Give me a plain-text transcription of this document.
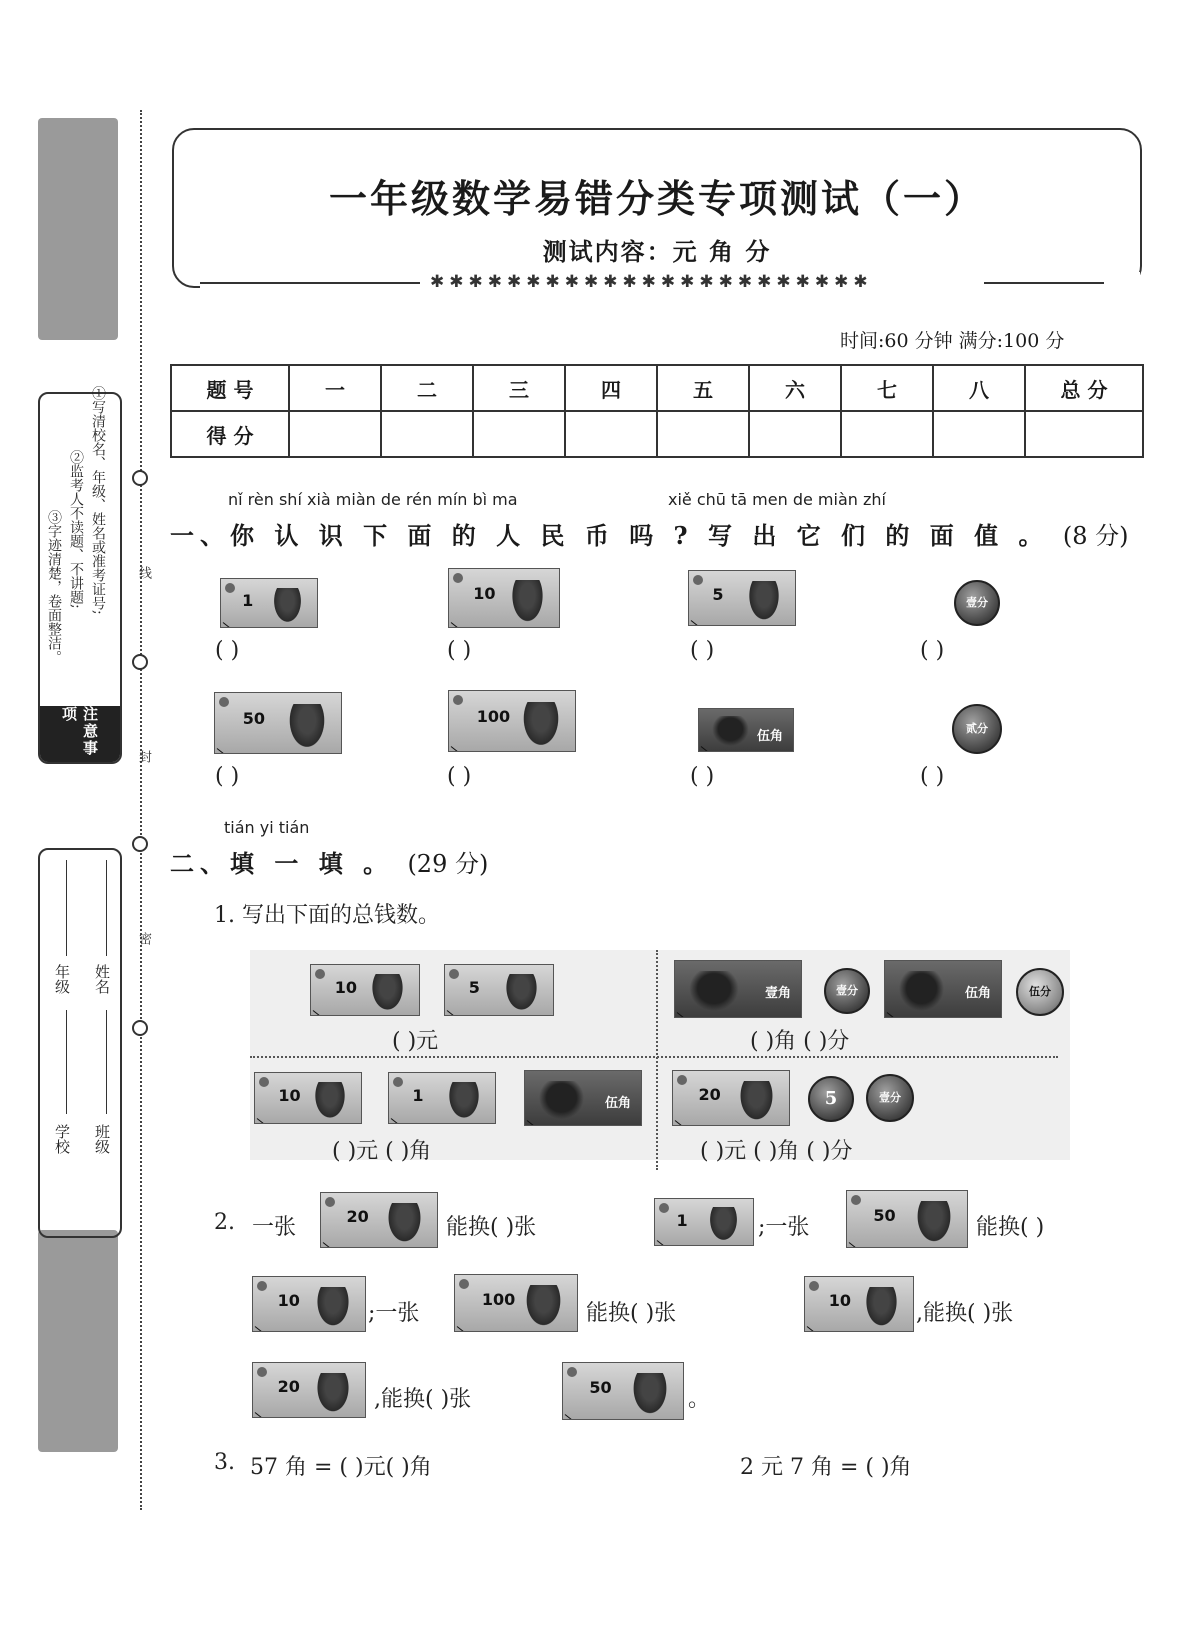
①写清校名、年级、姓名或准考证号;
②监考人不读题、不讲题;
③字迹清楚，卷面整洁。
注意事项
学校
年级
班级
姓名
线
封
密
一年级数学易错分类专项测试（一）
测试内容：元 角 分
✱✱✱✱✱✱✱✱✱✱✱✱✱✱✱✱✱✱✱✱✱✱✱
时间:60 分钟 满分:100 分
题 号	一	二	三	四	五	六	七	八	总 分
得 分									
nǐ rèn shí xià miàn de rén mín bì ma	xiě chū tā men de miàn zhí
一、你 认 识 下 面 的 人 民 币 吗 ? 写 出 它 们 的 面 值 。 (8 分)
1
( )
10
( )
5
( )
壹分
( )
50
( )
100
( )
伍角
( )
贰分
( )
tián yi tián
二、填 一 填 。 (29 分)
1. 写出下面的总钱数。
10	5
( )元
壹角	壹分	伍角	伍分
( )角 ( )分
10	1	伍角
( )元 ( )角
20	5	壹分
( )元 ( )角 ( )分
2. 一张	20	能换( )张	1	;一张	50	能换( )
10
;一张
100
能换( )张
10
,能换( )张
20
,能换( )张	50	。
3. 57 角 = ( )元( )角	2 元 7 角 = ( )角
